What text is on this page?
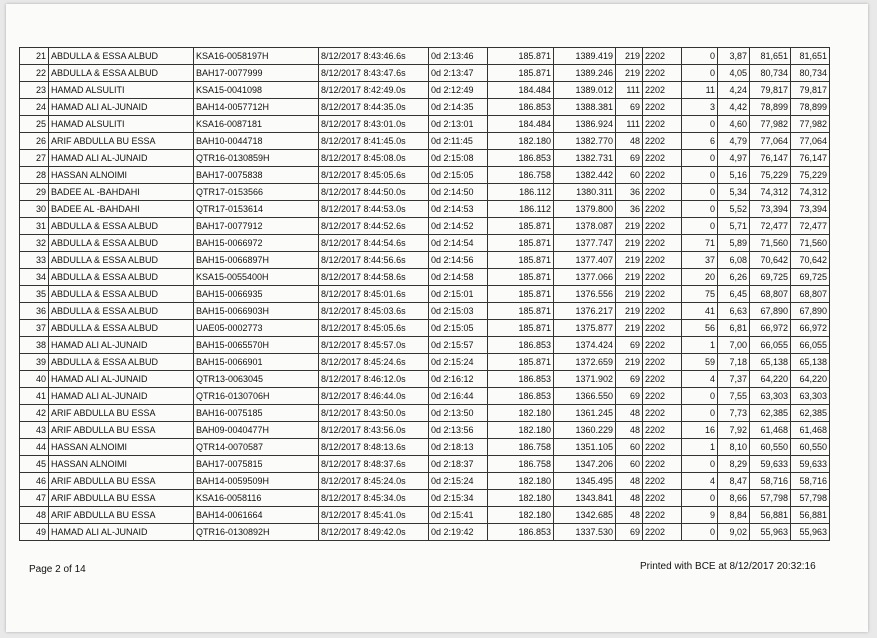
21	ABDULLA & ESSA ALBUD	KSA16-0058197H	8/12/2017 8:43:46.6s	0d 2:13:46	185.871	1389.419	219	2202	0	3,87	81,651	81,651
22	ABDULLA & ESSA ALBUD	BAH17-0077999	8/12/2017 8:43:47.6s	0d 2:13:47	185.871	1389.246	219	2202	0	4,05	80,734	80,734
23	HAMAD ALSULITI	KSA15-0041098	8/12/2017 8:42:49.0s	0d 2:12:49	184.484	1389.012	111	2202	11	4,24	79,817	79,817
24	HAMAD ALI AL-JUNAID	BAH14-0057712H	8/12/2017 8:44:35.0s	0d 2:14:35	186.853	1388.381	69	2202	3	4,42	78,899	78,899
25	HAMAD ALSULITI	KSA16-0087181	8/12/2017 8:43:01.0s	0d 2:13:01	184.484	1386.924	111	2202	0	4,60	77,982	77,982
26	ARIF ABDULLA BU ESSA	BAH10-0044718	8/12/2017 8:41:45.0s	0d 2:11:45	182.180	1382.770	48	2202	6	4,79	77,064	77,064
27	HAMAD ALI AL-JUNAID	QTR16-0130859H	8/12/2017 8:45:08.0s	0d 2:15:08	186.853	1382.731	69	2202	0	4,97	76,147	76,147
28	HASSAN ALNOIMI	BAH17-0075838	8/12/2017 8:45:05.6s	0d 2:15:05	186.758	1382.442	60	2202	0	5,16	75,229	75,229
29	BADEE AL -BAHDAHI	QTR17-0153566	8/12/2017 8:44:50.0s	0d 2:14:50	186.112	1380.311	36	2202	0	5,34	74,312	74,312
30	BADEE AL -BAHDAHI	QTR17-0153614	8/12/2017 8:44:53.0s	0d 2:14:53	186.112	1379.800	36	2202	0	5,52	73,394	73,394
31	ABDULLA & ESSA ALBUD	BAH17-0077912	8/12/2017 8:44:52.6s	0d 2:14:52	185.871	1378.087	219	2202	0	5,71	72,477	72,477
32	ABDULLA & ESSA ALBUD	BAH15-0066972	8/12/2017 8:44:54.6s	0d 2:14:54	185.871	1377.747	219	2202	71	5,89	71,560	71,560
33	ABDULLA & ESSA ALBUD	BAH15-0066897H	8/12/2017 8:44:56.6s	0d 2:14:56	185.871	1377.407	219	2202	37	6,08	70,642	70,642
34	ABDULLA & ESSA ALBUD	KSA15-0055400H	8/12/2017 8:44:58.6s	0d 2:14:58	185.871	1377.066	219	2202	20	6,26	69,725	69,725
35	ABDULLA & ESSA ALBUD	BAH15-0066935	8/12/2017 8:45:01.6s	0d 2:15:01	185.871	1376.556	219	2202	75	6,45	68,807	68,807
36	ABDULLA & ESSA ALBUD	BAH15-0066903H	8/12/2017 8:45:03.6s	0d 2:15:03	185.871	1376.217	219	2202	41	6,63	67,890	67,890
37	ABDULLA & ESSA ALBUD	UAE05-0002773	8/12/2017 8:45:05.6s	0d 2:15:05	185.871	1375.877	219	2202	56	6,81	66,972	66,972
38	HAMAD ALI AL-JUNAID	BAH15-0065570H	8/12/2017 8:45:57.0s	0d 2:15:57	186.853	1374.424	69	2202	1	7,00	66,055	66,055
39	ABDULLA & ESSA ALBUD	BAH15-0066901	8/12/2017 8:45:24.6s	0d 2:15:24	185.871	1372.659	219	2202	59	7,18	65,138	65,138
40	HAMAD ALI AL-JUNAID	QTR13-0063045	8/12/2017 8:46:12.0s	0d 2:16:12	186.853	1371.902	69	2202	4	7,37	64,220	64,220
41	HAMAD ALI AL-JUNAID	QTR16-0130706H	8/12/2017 8:46:44.0s	0d 2:16:44	186.853	1366.550	69	2202	0	7,55	63,303	63,303
42	ARIF ABDULLA BU ESSA	BAH16-0075185	8/12/2017 8:43:50.0s	0d 2:13:50	182.180	1361.245	48	2202	0	7,73	62,385	62,385
43	ARIF ABDULLA BU ESSA	BAH09-0040477H	8/12/2017 8:43:56.0s	0d 2:13:56	182.180	1360.229	48	2202	16	7,92	61,468	61,468
44	HASSAN ALNOIMI	QTR14-0070587	8/12/2017 8:48:13.6s	0d 2:18:13	186.758	1351.105	60	2202	1	8,10	60,550	60,550
45	HASSAN ALNOIMI	BAH17-0075815	8/12/2017 8:48:37.6s	0d 2:18:37	186.758	1347.206	60	2202	0	8,29	59,633	59,633
46	ARIF ABDULLA BU ESSA	BAH14-0059509H	8/12/2017 8:45:24.0s	0d 2:15:24	182.180	1345.495	48	2202	4	8,47	58,716	58,716
47	ARIF ABDULLA BU ESSA	KSA16-0058116	8/12/2017 8:45:34.0s	0d 2:15:34	182.180	1343.841	48	2202	0	8,66	57,798	57,798
48	ARIF ABDULLA BU ESSA	BAH14-0061664	8/12/2017 8:45:41.0s	0d 2:15:41	182.180	1342.685	48	2202	9	8,84	56,881	56,881
49	HAMAD ALI AL-JUNAID	QTR16-0130892H	8/12/2017 8:49:42.0s	0d 2:19:42	186.853	1337.530	69	2202	0	9,02	55,963	55,963
Page 2 of 14	Printed with BCE at 8/12/2017 20:32:16
